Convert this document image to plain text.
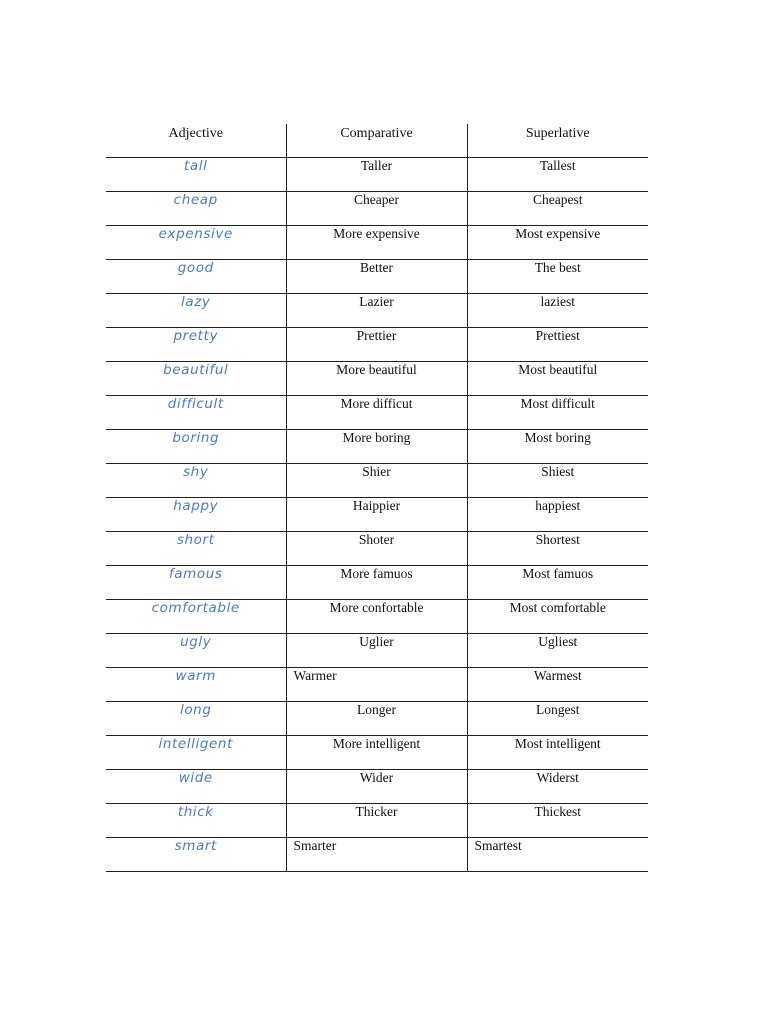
Adjective	Comparative	Superlative
tall	Taller	Tallest
cheap	Cheaper	Cheapest
expensive	More expensive	Most expensive
good	Better	The best
lazy	Lazier	laziest
pretty	Prettier	Prettiest
beautiful	More beautiful	Most beautiful
difficult	More difficut	Most difficult
boring	More boring	Most boring
shy	Shier	Shiest
happy	Haippier	happiest
short	Shoter	Shortest
famous	More famuos	Most famuos
comfortable	More confortable	Most comfortable
ugly	Uglier	Ugliest
warm	Warmer	Warmest
long	Longer	Longest
intelligent	More intelligent	Most intelligent
wide	Wider	Widerst
thick	Thicker	Thickest
smart	Smarter	Smartest
